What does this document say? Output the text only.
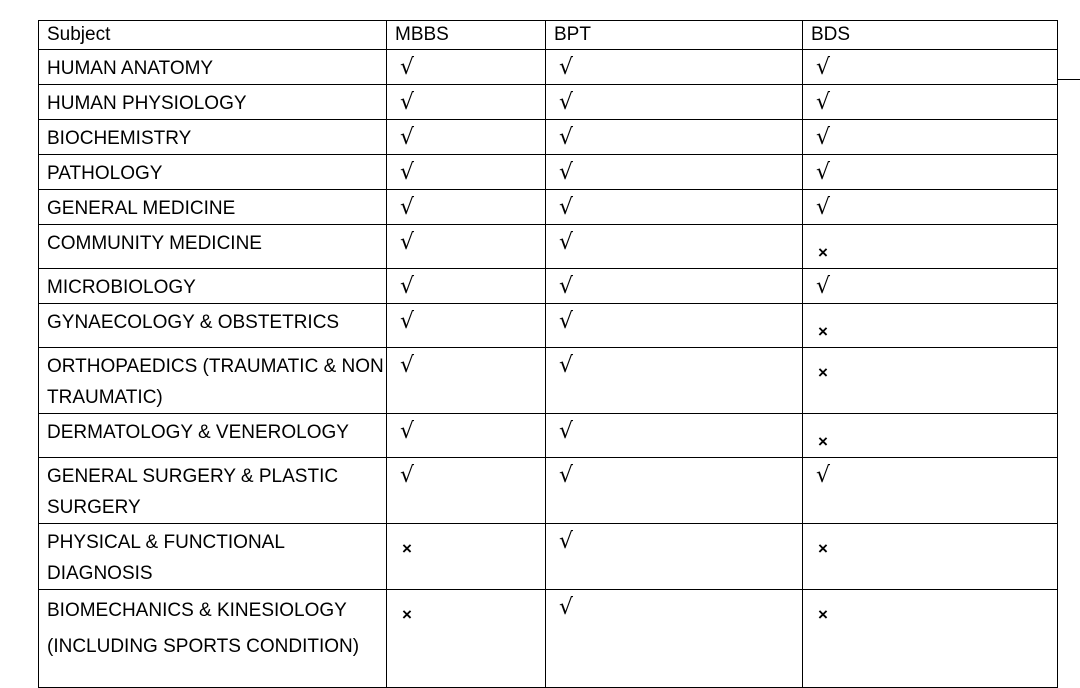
Subject	MBBS	BPT	BDS
HUMAN ANATOMY	√	√	√
HUMAN PHYSIOLOGY	√	√	√
BIOCHEMISTRY	√	√	√
PATHOLOGY	√	√	√
GENERAL MEDICINE	√	√	√
COMMUNITY MEDICINE	√	√	×
MICROBIOLOGY	√	√	√
GYNAECOLOGY & OBSTETRICS	√	√	×
ORTHOPAEDICS (TRAUMATIC & NON TRAUMATIC)	√	√	×
DERMATOLOGY & VENEROLOGY	√	√	×
GENERAL SURGERY & PLASTIC SURGERY	√	√	√
PHYSICAL & FUNCTIONAL DIAGNOSIS	×	√	×
BIOMECHANICS & KINESIOLOGY (INCLUDING SPORTS CONDITION)	×	√	×
